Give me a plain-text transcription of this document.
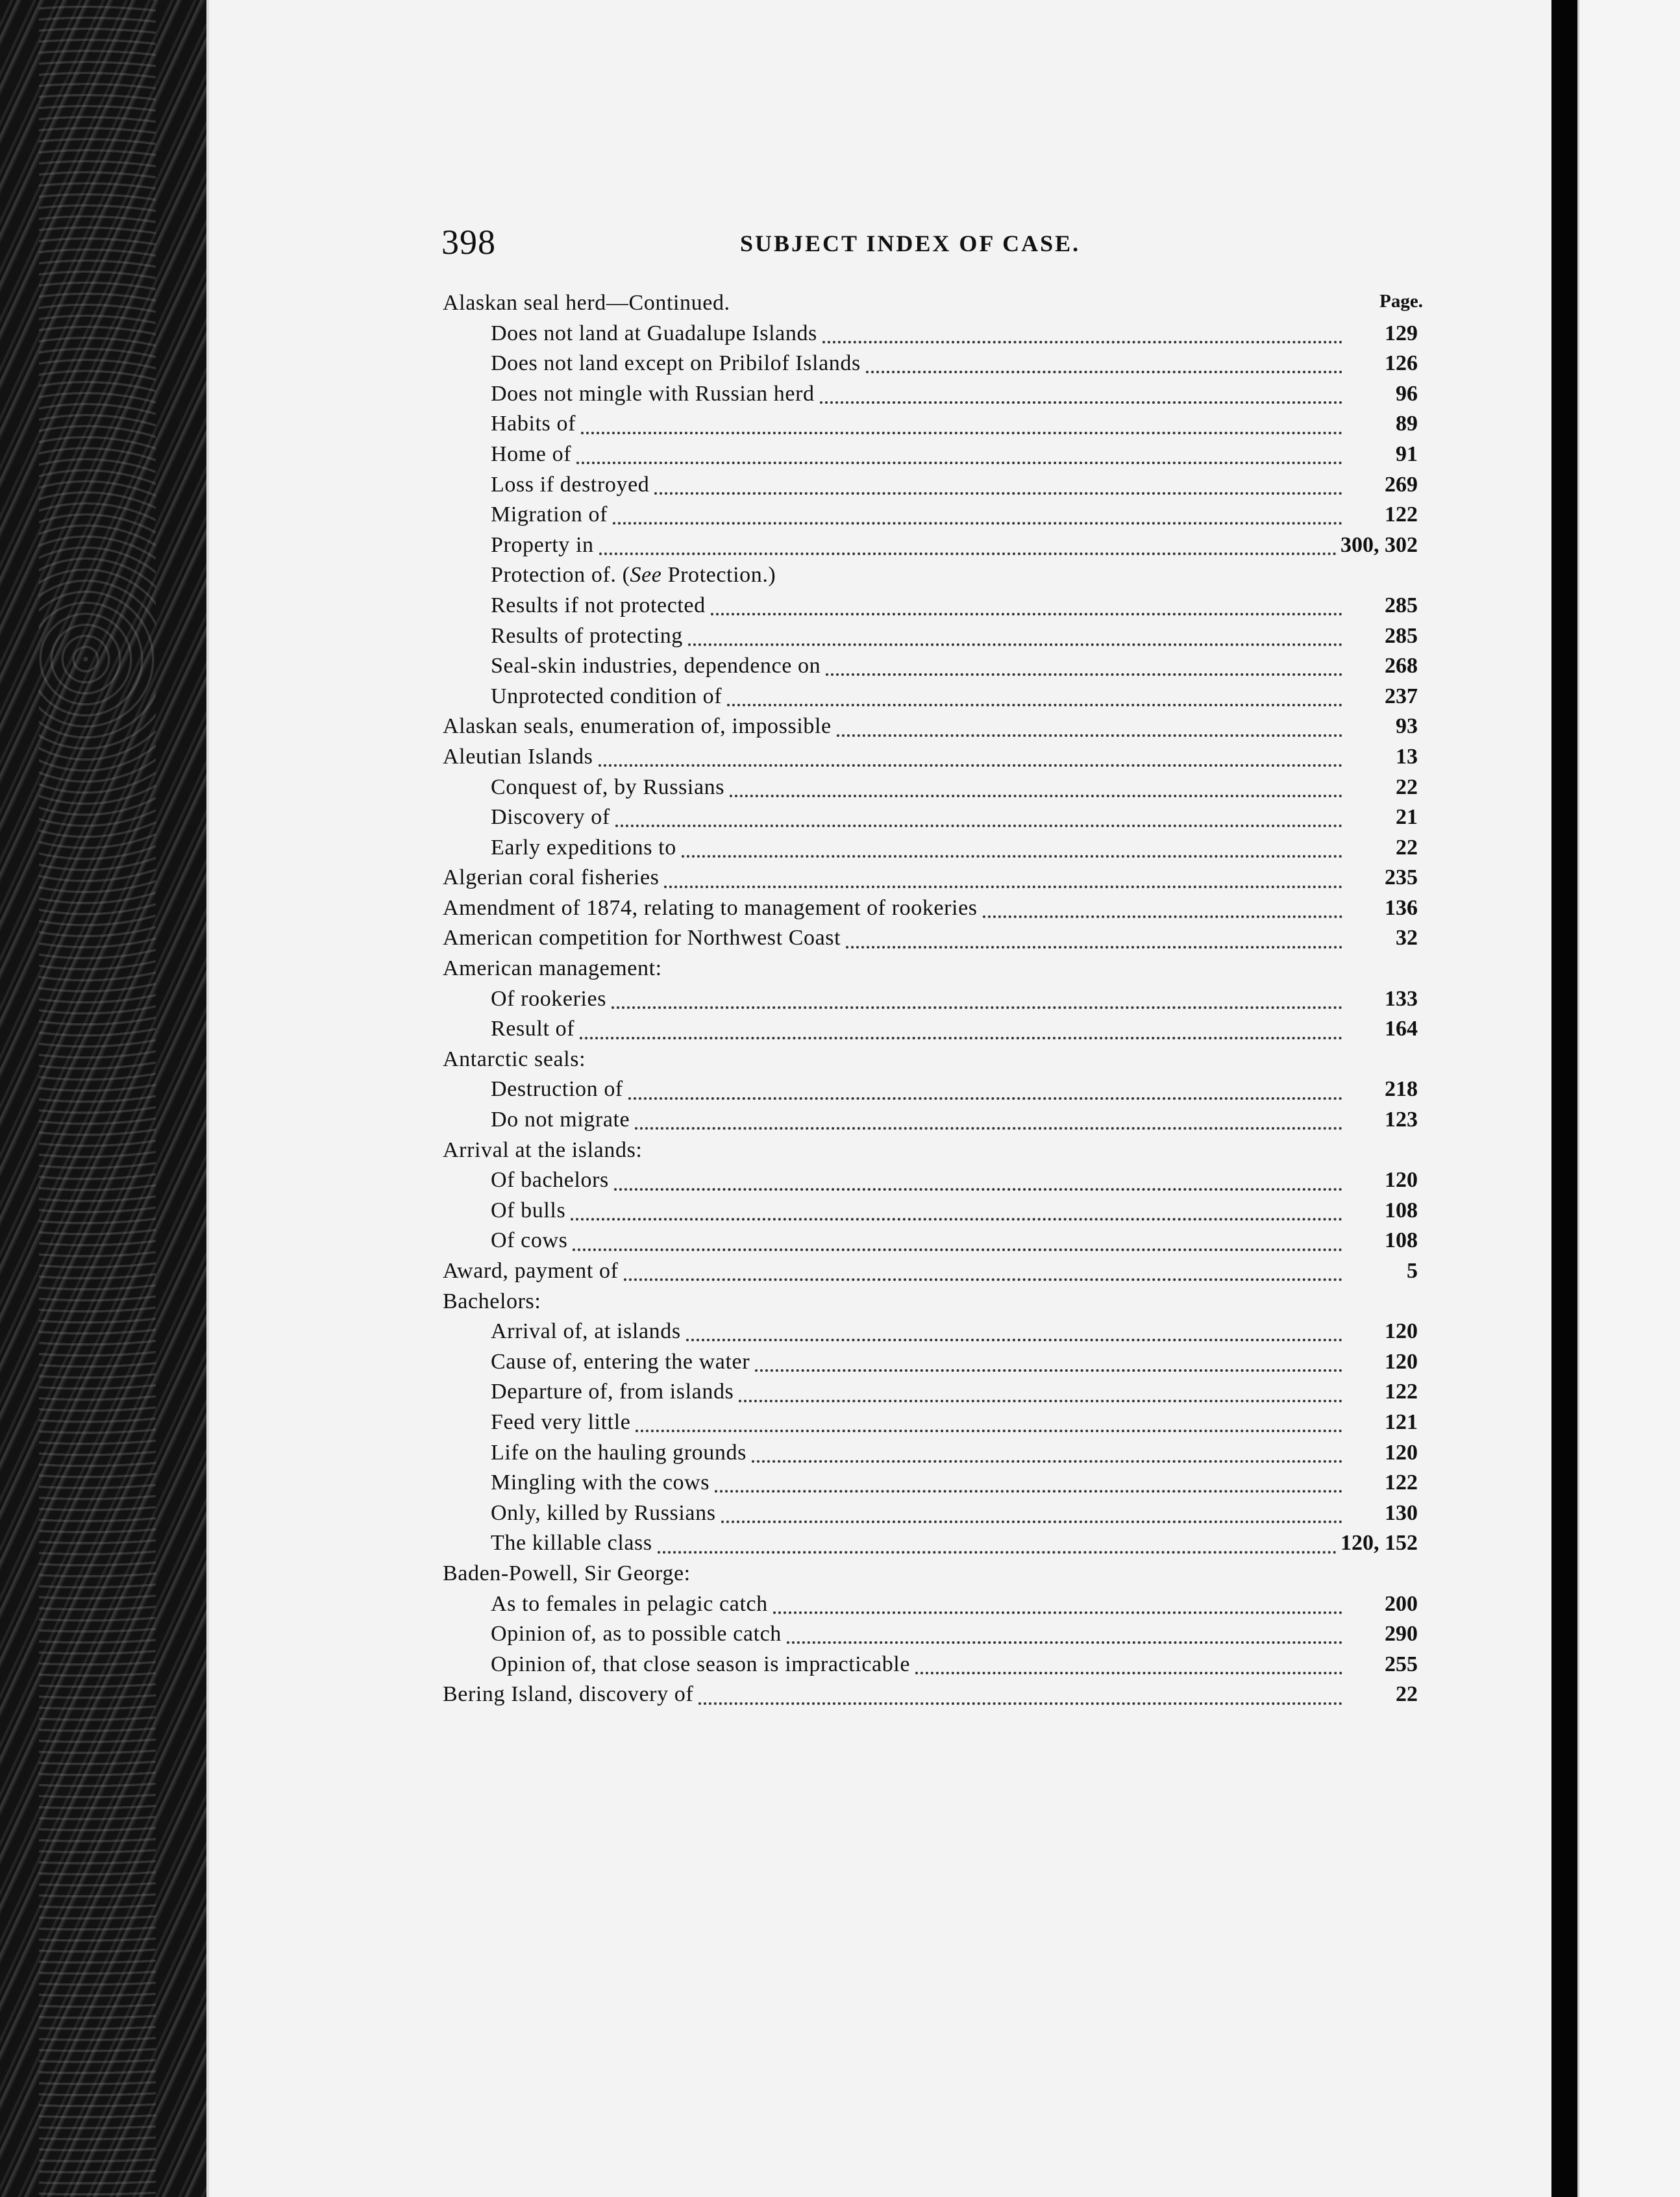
398	SUBJECT INDEX OF CASE.
Page.
Alaskan seal herd—Continued.
Does not land at Guadalupe Islands	129
Does not land except on Pribilof Islands	126
Does not mingle with Russian herd	96
Habits of	89
Home of	91
Loss if destroyed	269
Migration of	122
Property in	300, 302
Protection of. (See Protection.)
Results if not protected	285
Results of protecting	285
Seal-skin industries, dependence on	268
Unprotected condition of	237
Alaskan seals, enumeration of, impossible	93
Aleutian Islands	13
Conquest of, by Russians	22
Discovery of	21
Early expeditions to	22
Algerian coral fisheries	235
Amendment of 1874, relating to management of rookeries	136
American competition for Northwest Coast	32
American management:
Of rookeries	133
Result of	164
Antarctic seals:
Destruction of	218
Do not migrate	123
Arrival at the islands:
Of bachelors	120
Of bulls	108
Of cows	108
Award, payment of	5
Bachelors:
Arrival of, at islands	120
Cause of, entering the water	120
Departure of, from islands	122
Feed very little	121
Life on the hauling grounds	120
Mingling with the cows	122
Only, killed by Russians	130
The killable class	120, 152
Baden-Powell, Sir George:
As to females in pelagic catch	200
Opinion of, as to possible catch	290
Opinion of, that close season is impracticable	255
Bering Island, discovery of	22
